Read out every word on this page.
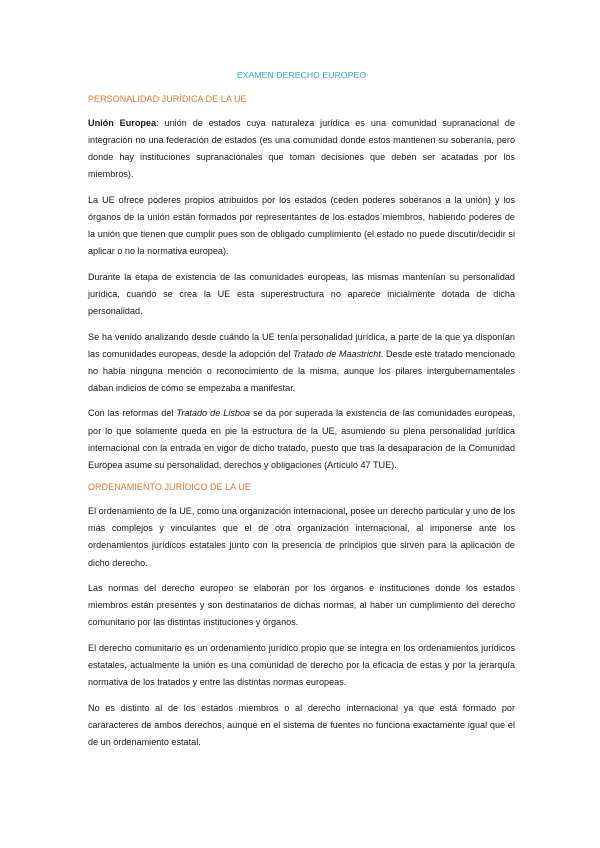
EXAMEN DERECHO EUROPEO
PERSONALIDAD JURÍDICA DE LA UE

Unión Europea: unión de estados cuya naturaleza jurídica es una comunidad supranacional de integración no una federación de estados (es una comunidad donde estos mantienen su soberanía, pero donde hay instituciones supranacionales que toman decisiones que deben ser acatadas por los miembros).

La UE ofrece poderes propios atribuidos por los estados (ceden poderes soberanos a la unión) y los órganos de la unión están formados por representantes de los estados miembros, habiendo poderes de la unión que tienen que cumplir pues son de obligado cumplimiento (el estado no puede discutir/decidir si aplicar o no la normativa europea).

Durante la etapa de existencia de las comunidades europeas, las mismas mantenían su personalidad jurídica, cuando se crea la UE esta superestructura no aparece inicialmente dotada de dicha personalidad.

Se ha venido analizando desde cuándo la UE tenía personalidad jurídica, a parte de la que ya disponían las comunidades europeas, desde la adopción del Tratado de Maastricht. Desde este tratado mencionado no había ninguna mención o reconocimiento de la misma, aunque los pilares intergubernamentales daban indicios de cómo se empezaba a manifestar.

Con las reformas del Tratado de Lisboa se da por superada la existencia de las comunidades europeas, por lo que solamente queda en pie la estructura de la UE, asumiendo su plena personalidad jurídica internacional con la entrada en vigor de dicho tratado, puesto que tras la desaparación de la Comunidad Europea asume su personalidad, derechos y obligaciones (Artículo 47 TUE).

ORDENAMIENTO JURÍDICO DE LA UE

El ordenamiento de la UE, como una organización internacional, posee un derecho particular y uno de los más complejos y vinculantes que el de otra organización internacional, al imponerse ante los ordenamientos jurídicos estatales junto con la presencia de principios que sirven para la aplicación de dicho derecho.

Las normas del derecho europeo se elaboran por los órganos e instituciones donde los estados miembros están presentes y son destinatarios de dichas normas, al haber un cumplimiento del derecho comunitario por las distintas instituciones y órganos.

El derecho comunitario es un ordenamiento jurídico propio que se integra en los ordenamientos jurídicos estatales, actualmente la unión es una comunidad de derecho por la eficacia de estas y por la jerarquía normativa de los tratados y entre las distintas normas europeas.

No es distinto al de los estados miembros o al derecho internacional ya que está formado por cararacteres de ambos derechos, aunque en el sistema de fuentes no funciona exactamente igual que el de un ordenamiento estatal.
